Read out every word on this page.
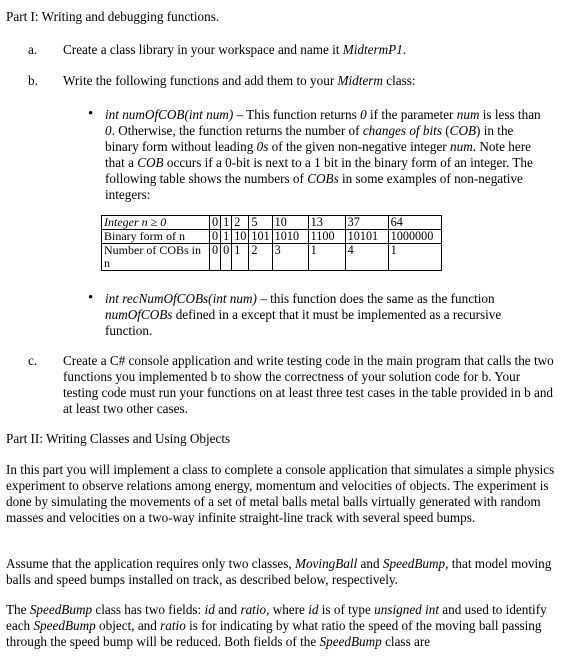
Part I: Writing and debugging functions.
a. Create a class library in your workspace and name it MidtermP1.
b. Write the following functions and add them to your Midterm class:
• int numOfCOB(int num) – This function returns 0 if the parameter num is less than 0. Otherwise, the function returns the number of changes of bits (COB) in the binary form without leading 0s of the given non-negative integer num. Note here that a COB occurs if a 0-bit is next to a 1 bit in the binary form of an integer. The following table shows the numbers of COBs in some examples of non-negative integers:
Integer n ≥ 0	0	1	2	5	10	13	37	64
Binary form of n	0	1	10	101	1010	1100	10101	1000000
Number of COBs in n	0	0	1	2	3	1	4	1
• int recNumOfCOBs(int num) – this function does the same as the function numOfCOBs defined in a except that it must be implemented as a recursive function.
c. Create a C# console application and write testing code in the main program that calls the two functions you implemented b to show the correctness of your solution code for b. Your testing code must run your functions on at least three test cases in the table provided in b and at least two other cases.
Part II: Writing Classes and Using Objects
In this part you will implement a class to complete a console application that simulates a simple physics experiment to observe relations among energy, momentum and velocities of objects. The experiment is done by simulating the movements of a set of metal balls metal balls virtually generated with random masses and velocities on a two-way infinite straight-line track with several speed bumps.
Assume that the application requires only two classes, MovingBall and SpeedBump, that model moving balls and speed bumps installed on track, as described below, respectively.
The SpeedBump class has two fields: id and ratio, where id is of type unsigned int and used to identify each SpeedBump object, and ratio is for indicating by what ratio the speed of the moving ball passing through the speed bump will be reduced. Both fields of the SpeedBump class are
